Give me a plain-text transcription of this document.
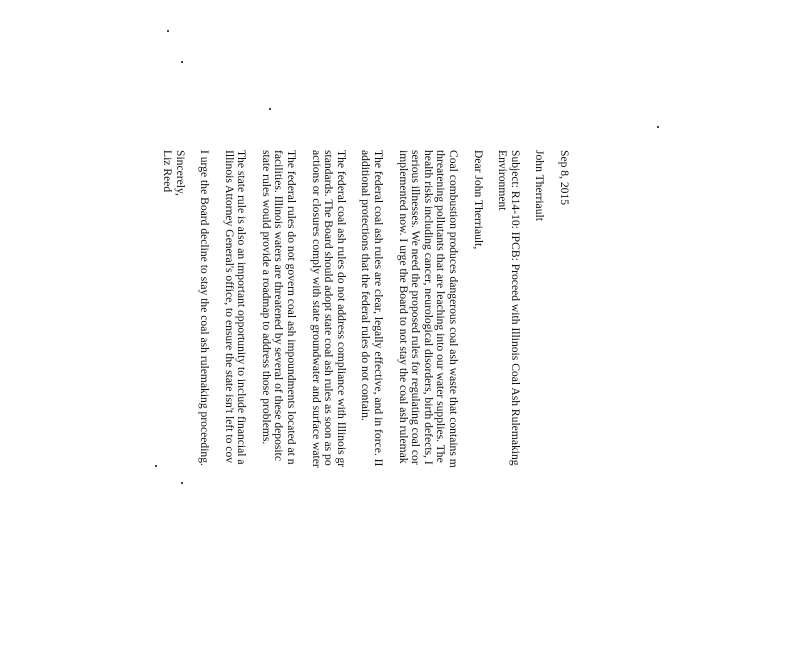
Sep 8, 2015
John Therriault
Subject: R14-10: IPCB: Proceed with Illinois Coal Ash Rulemaking
Environment
Dear John Therriault,
Coal combustion produces dangerous coal ash waste that contains m
threatening pollutants that are leaching into our water supplies. The
health risks including cancer, neurological disorders, birth defects, I
serious illnesses. We need the proposed rules for regulating coal cor
implemented now. I urge the Board to not stay the coal ash rulemak
The federal coal ash rules are clear, legally effective, and in force. II
additional protections that the federal rules do not contain.
The federal coal ash rules do not address compliance with Illinois gr
standards. The Board should adopt state coal ash rules as soon as po
actions or closures comply with state groundwater and surface water
The federal rules do not govern coal ash impoundments located at n
facilities. Illinois waters are threatened by several of these depositc
state rules would provide a roadmap to address those problems.
The state rule is also an important opportunity to include financial a
Illinois Attorney General's office, to ensure the state isn't left to cov
I urge the Board decline to stay the coal ash rulemaking proceeding.
Sincerely,
Liz Reed
